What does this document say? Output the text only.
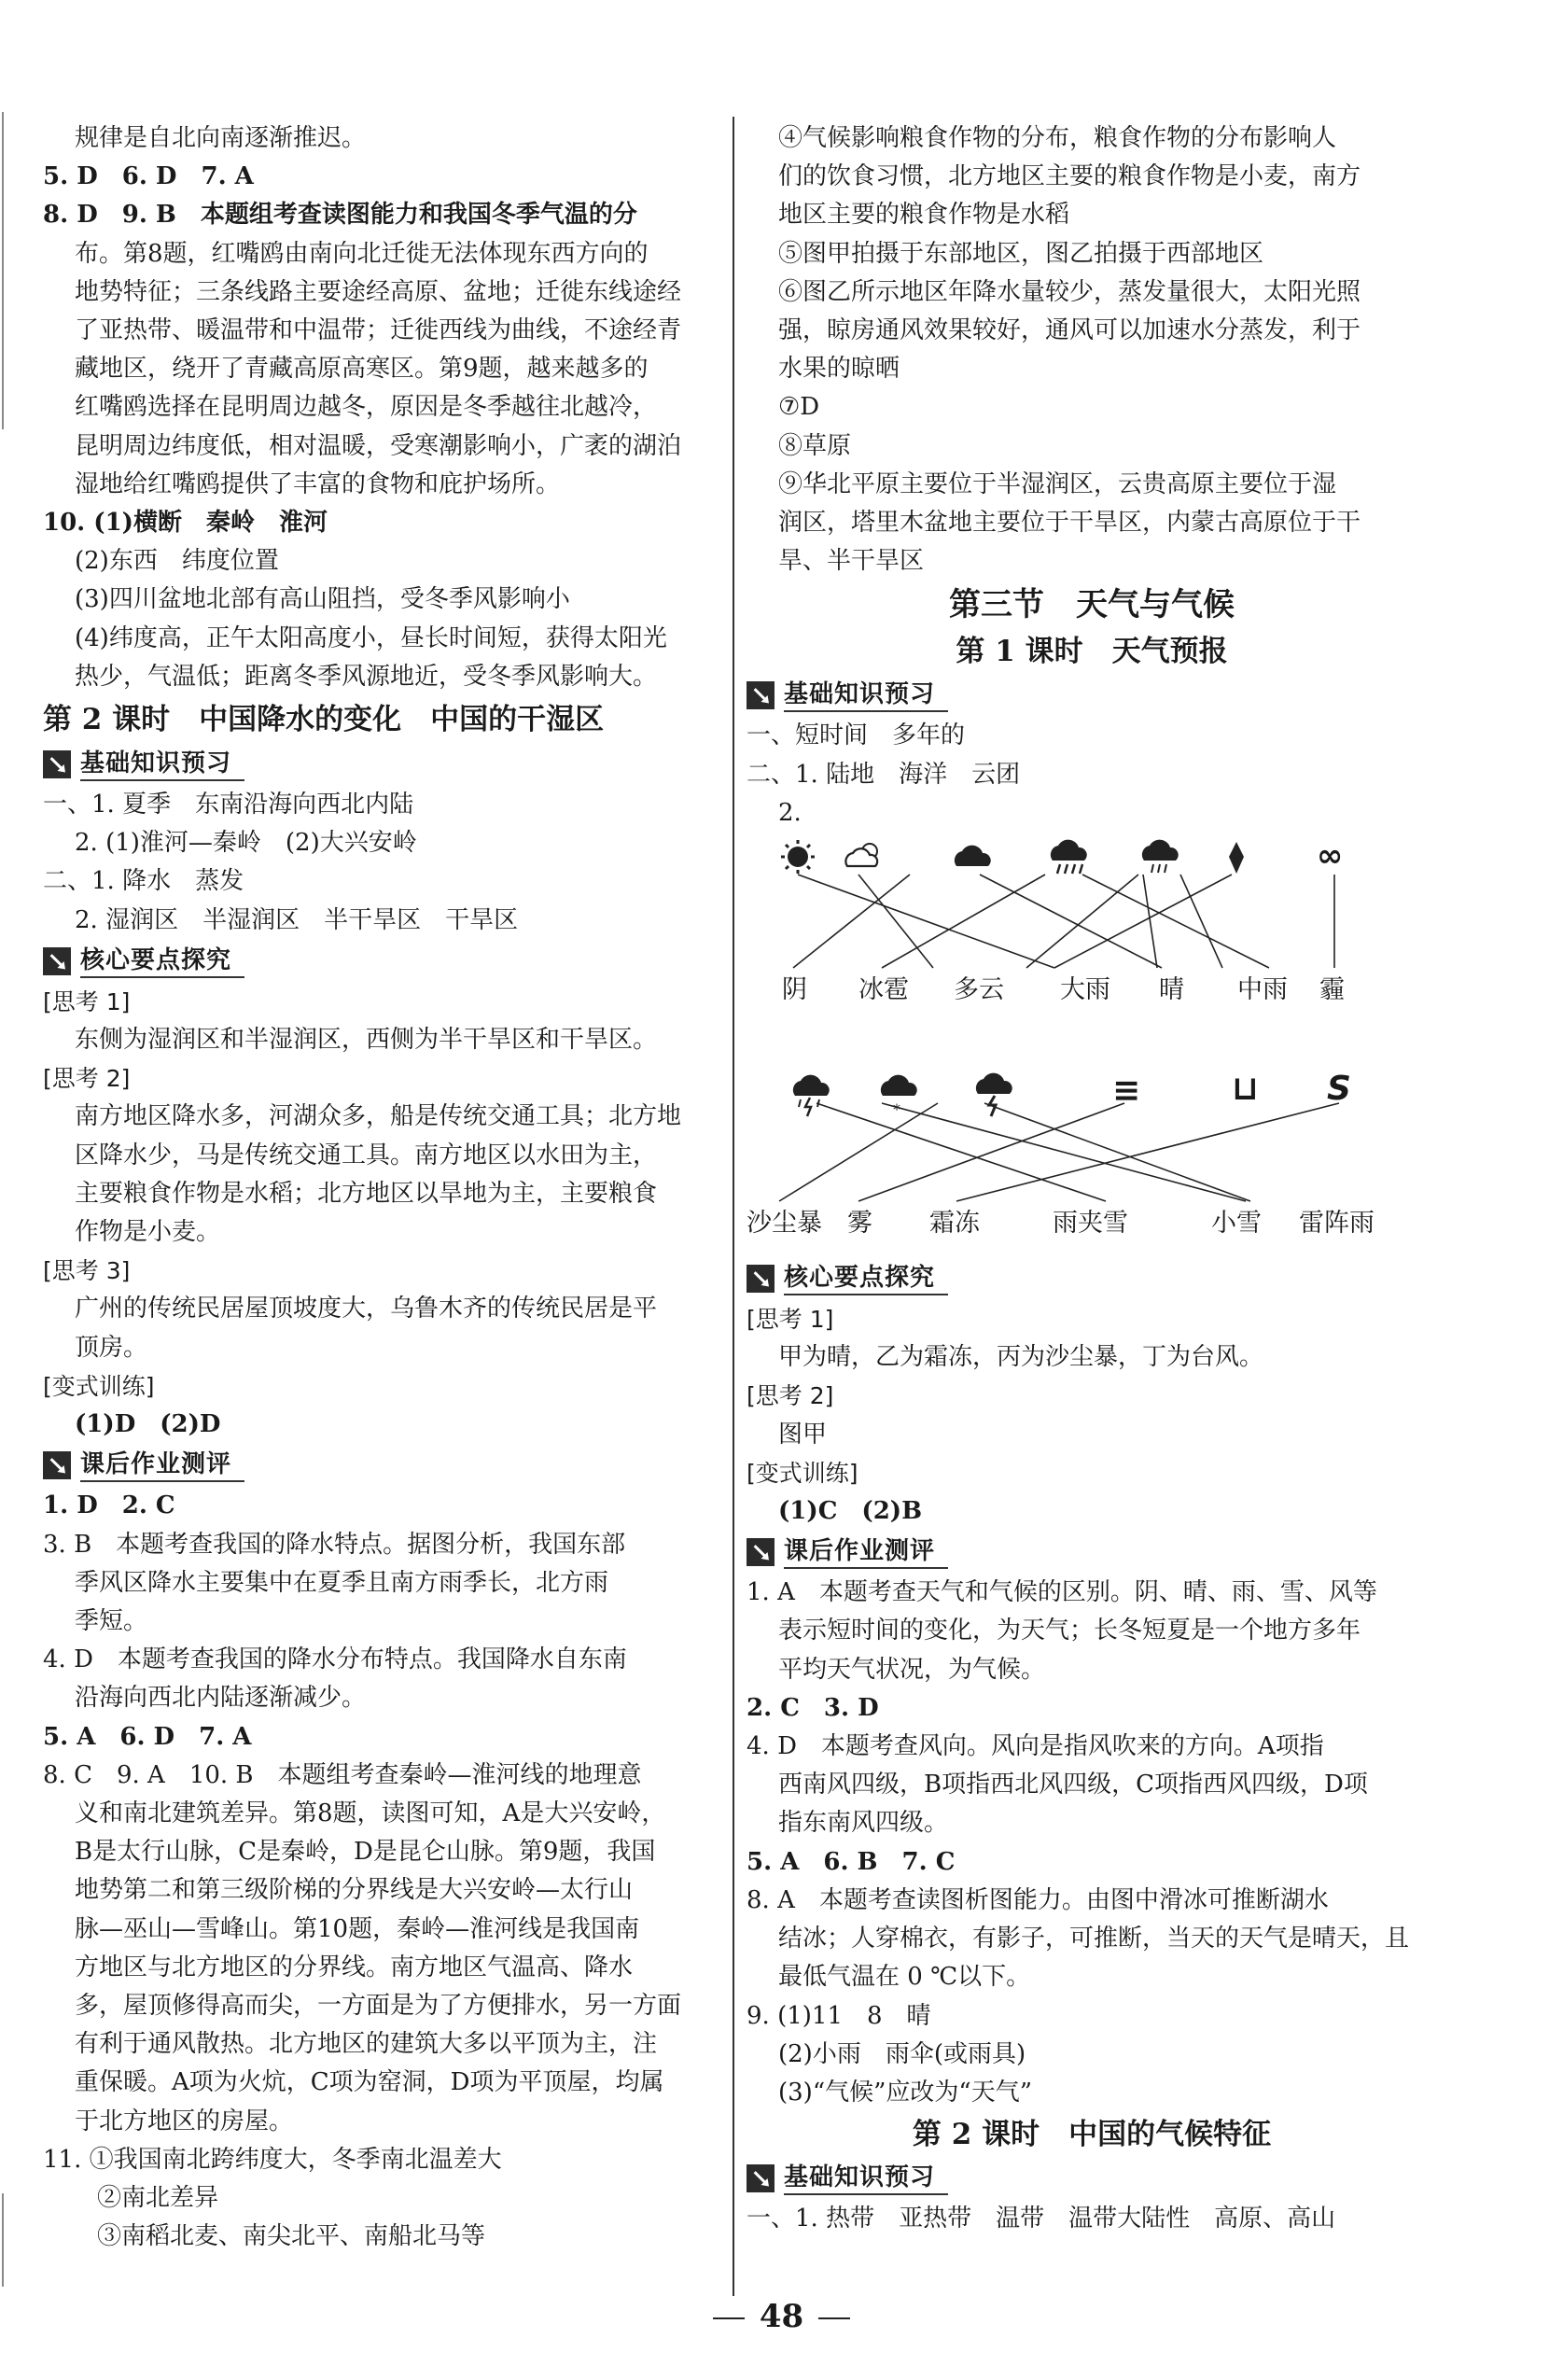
规律是自北向南逐渐推迟。
5. D　6. D　7. A
8. D　9. B　本题组考查读图能力和我国冬季气温的分
布。第8题，红嘴鸥由南向北迁徙无法体现东西方向的
地势特征；三条线路主要途经高原、盆地；迁徙东线途经
了亚热带、暖温带和中温带；迁徙西线为曲线，不途经青
藏地区，绕开了青藏高原高寒区。第9题，越来越多的
红嘴鸥选择在昆明周边越冬，原因是冬季越往北越冷，
昆明周边纬度低，相对温暖，受寒潮影响小，广袤的湖泊
湿地给红嘴鸥提供了丰富的食物和庇护场所。
10. (1)横断　秦岭　淮河
(2)东西　纬度位置
(3)四川盆地北部有高山阻挡，受冬季风影响小
(4)纬度高，正午太阳高度小，昼长时间短，获得太阳光
热少，气温低；距离冬季风源地近，受冬季风影响大。
第 2 课时　中国降水的变化　中国的干湿区
基础知识预习
一、1. 夏季　东南沿海向西北内陆
2. (1)淮河—秦岭　(2)大兴安岭
二、1. 降水　蒸发
2. 湿润区　半湿润区　半干旱区　干旱区
核心要点探究
[思考 1]
东侧为湿润区和半湿润区，西侧为半干旱区和干旱区。
[思考 2]
南方地区降水多，河湖众多，船是传统交通工具；北方地
区降水少，马是传统交通工具。南方地区以水田为主，
主要粮食作物是水稻；北方地区以旱地为主，主要粮食
作物是小麦。
[思考 3]
广州的传统民居屋顶坡度大，乌鲁木齐的传统民居是平
顶房。
[变式训练]
(1)D　(2)D
课后作业测评
1. D　2. C
3. B　本题考查我国的降水特点。据图分析，我国东部
季风区降水主要集中在夏季且南方雨季长，北方雨
季短。
4. D　本题考查我国的降水分布特点。我国降水自东南
沿海向西北内陆逐渐减少。
5. A　6. D　7. A
8. C　9. A　10. B　本题组考查秦岭—淮河线的地理意
义和南北建筑差异。第8题，读图可知，A是大兴安岭，
B是太行山脉，C是秦岭，D是昆仑山脉。第9题，我国
地势第二和第三级阶梯的分界线是大兴安岭—太行山
脉—巫山—雪峰山。第10题，秦岭—淮河线是我国南
方地区与北方地区的分界线。南方地区气温高、降水
多，屋顶修得高而尖，一方面是为了方便排水，另一方面
有利于通风散热。北方地区的建筑大多以平顶为主，注
重保暖。A项为火炕，C项为窑洞，D项为平顶屋，均属
于北方地区的房屋。
11. ①我国南北跨纬度大，冬季南北温差大
②南北差异
③南稻北麦、南尖北平、南船北马等
④气候影响粮食作物的分布，粮食作物的分布影响人
们的饮食习惯，北方地区主要的粮食作物是小麦，南方
地区主要的粮食作物是水稻
⑤图甲拍摄于东部地区，图乙拍摄于西部地区
⑥图乙所示地区年降水量较少，蒸发量很大，太阳光照
强，晾房通风效果较好，通风可以加速水分蒸发，利于
水果的晾晒
⑦D
⑧草原
⑨华北平原主要位于半湿润区，云贵高原主要位于湿
润区，塔里木盆地主要位于干旱区，内蒙古高原位于干
旱、半干旱区
第三节　天气与气候
第 1 课时　天气预报
基础知识预习
一、短时间　多年的
二、1. 陆地　海洋　云团
2.
*
∞
≡	⊔ S
阴 冰雹 多云 大雨 晴 中雨 霾
沙尘暴 雾 霜冻	雨夹雪	小雪 雷阵雨
核心要点探究
[思考 1]
甲为晴，乙为霜冻，丙为沙尘暴，丁为台风。
[思考 2]
图甲
[变式训练]
(1)C　(2)B
课后作业测评
1. A　本题考查天气和气候的区别。阴、晴、雨、雪、风等
表示短时间的变化，为天气；长冬短夏是一个地方多年
平均天气状况，为气候。
2. C　3. D
4. D　本题考查风向。风向是指风吹来的方向。A项指
西南风四级，B项指西北风四级，C项指西风四级，D项
指东南风四级。
5. A　6. B　7. C
8. A　本题考查读图析图能力。由图中滑冰可推断湖水
结冰；人穿棉衣，有影子，可推断，当天的天气是晴天，且
最低气温在 0 ℃以下。
9. (1)11　8　晴
(2)小雨　雨伞(或雨具)
(3)“气候”应改为“天气”
第 2 课时　中国的气候特征
基础知识预习
一、1. 热带　亚热带　温带　温带大陆性　高原、高山
48
